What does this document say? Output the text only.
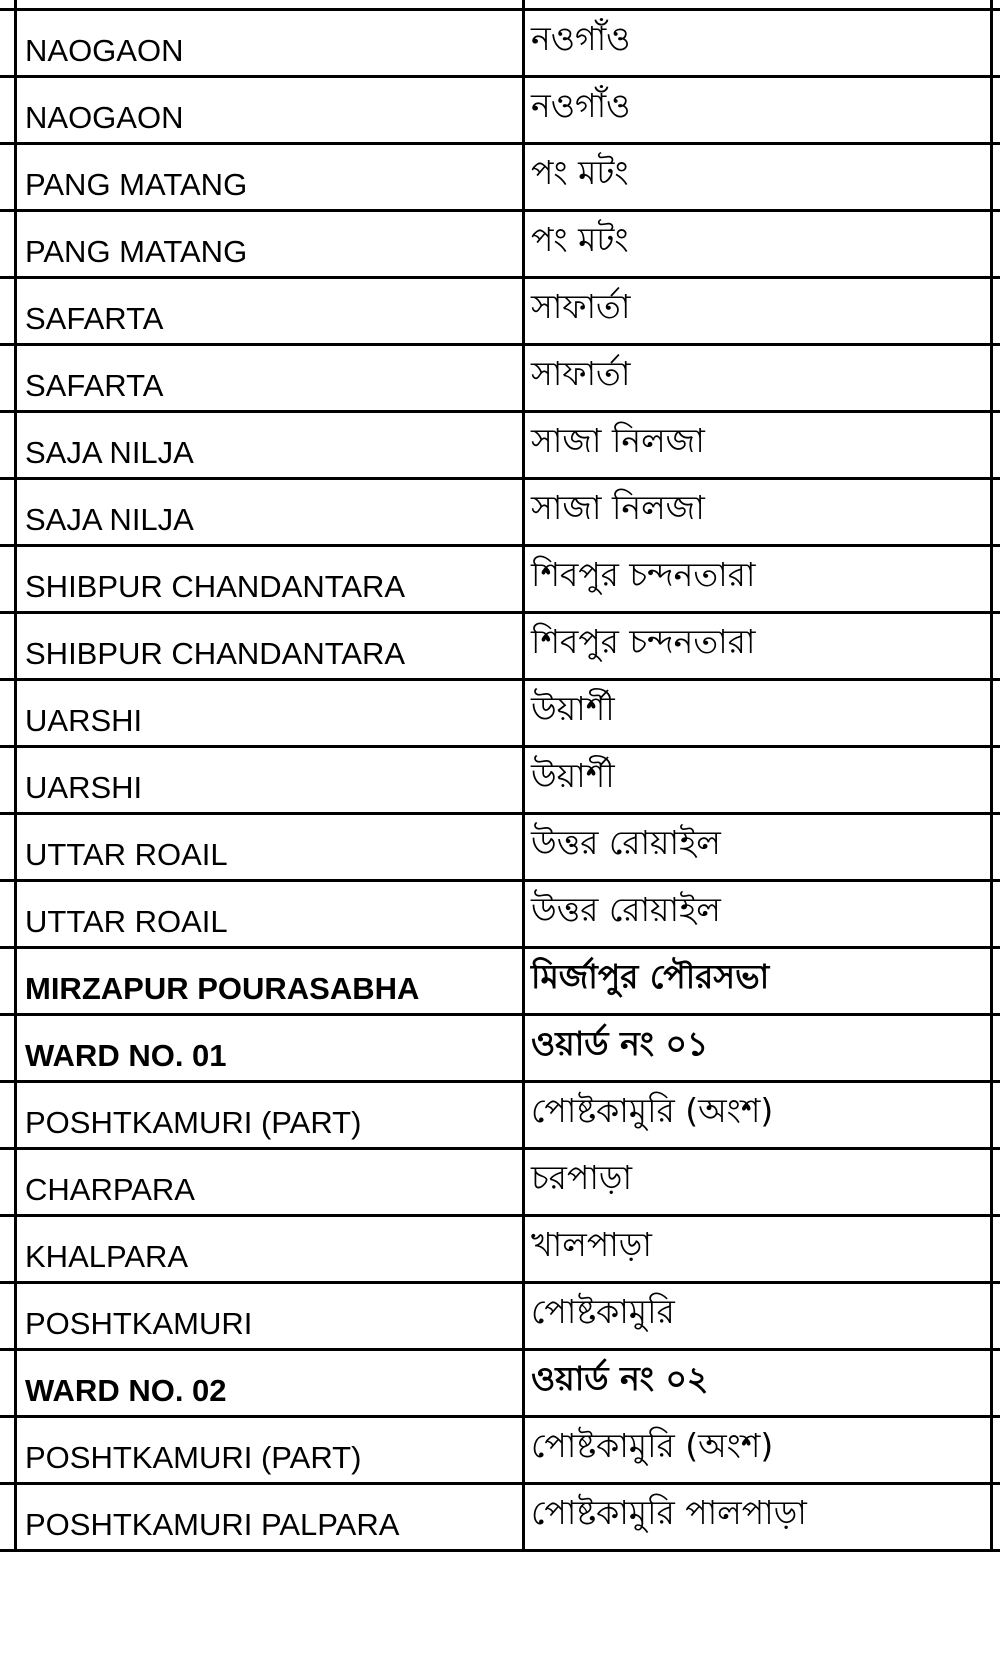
	NAOGAON	নওগাঁও	

	NAOGAON	নওগাঁও	

	PANG MATANG	পং মটং	

	PANG MATANG	পং মটং	

	SAFARTA	সাফার্তা	

	SAFARTA	সাফার্তা	

	SAJA NILJA	সাজা নিলজা	

	SAJA NILJA	সাজা নিলজা	

	SHIBPUR CHANDANTARA	শিবপুর চন্দনতারা	

	SHIBPUR CHANDANTARA	শিবপুর চন্দনতারা	

	UARSHI	উয়ার্শী	

	UARSHI	উয়ার্শী	

	UTTAR ROAIL	উত্তর রোয়াইল	

	UTTAR ROAIL	উত্তর রোয়াইল	

	MIRZAPUR POURASABHA	মির্জাপুর পৌরসভা	

	WARD NO. 01	ওয়ার্ড নং ০১	

	POSHTKAMURI (PART)	পোষ্টকামুরি (অংশ)	

	CHARPARA	চরপাড়া	

	KHALPARA	খালপাড়া	

	POSHTKAMURI	পোষ্টকামুরি	

	WARD NO. 02	ওয়ার্ড নং ০২	

	POSHTKAMURI (PART)	পোষ্টকামুরি (অংশ)	

	POSHTKAMURI PALPARA	পোষ্টকামুরি পালপাড়া	
